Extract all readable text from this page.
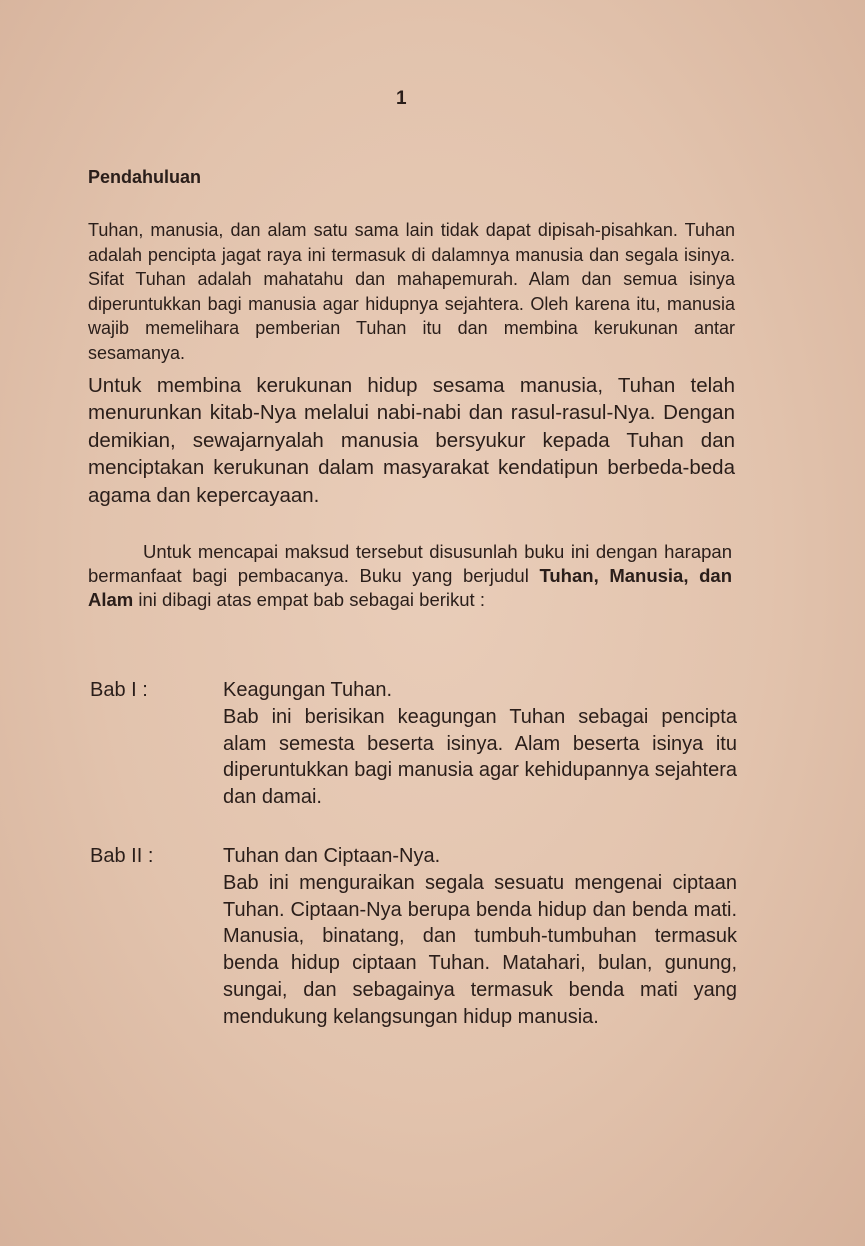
1
Pendahuluan

Tuhan, manusia, dan alam satu sama lain tidak dapat dipisah-pisahkan. Tuhan adalah pencipta jagat raya ini termasuk di dalamnya manusia dan segala isinya. Sifat Tuhan adalah mahatahu dan mahapemurah. Alam dan semua isinya diperuntukkan bagi manusia agar hidupnya sejahtera. Oleh karena itu, manusia wajib memelihara pemberian Tuhan itu dan membina kerukunan antar sesamanya.

Untuk membina kerukunan hidup sesama manusia, Tuhan telah menurunkan kitab-Nya melalui nabi-nabi dan rasul-rasul-Nya. Dengan demikian, sewajarnyalah manusia bersyukur kepada Tuhan dan menciptakan kerukunan dalam masyarakat kendatipun berbeda-beda agama dan kepercayaan.

Untuk mencapai maksud tersebut disusunlah buku ini dengan harapan bermanfaat bagi pembacanya. Buku yang berjudul Tuhan, Manusia, dan Alam ini dibagi atas empat bab sebagai berikut :

Bab I :	Keagungan Tuhan.
Bab ini berisikan keagungan Tuhan sebagai pencipta alam semesta beserta isinya. Alam beserta isinya itu diperuntukkan bagi manusia agar kehidupannya sejahtera dan damai.
Bab II :	Tuhan dan Ciptaan-Nya.
Bab ini menguraikan segala sesuatu mengenai ciptaan Tuhan. Ciptaan-Nya berupa benda hidup dan benda mati. Manusia, binatang, dan tumbuh-tumbuhan termasuk benda hidup ciptaan Tuhan. Matahari, bulan, gunung, sungai, dan sebagainya termasuk benda mati yang mendukung kelangsungan hidup manusia.
